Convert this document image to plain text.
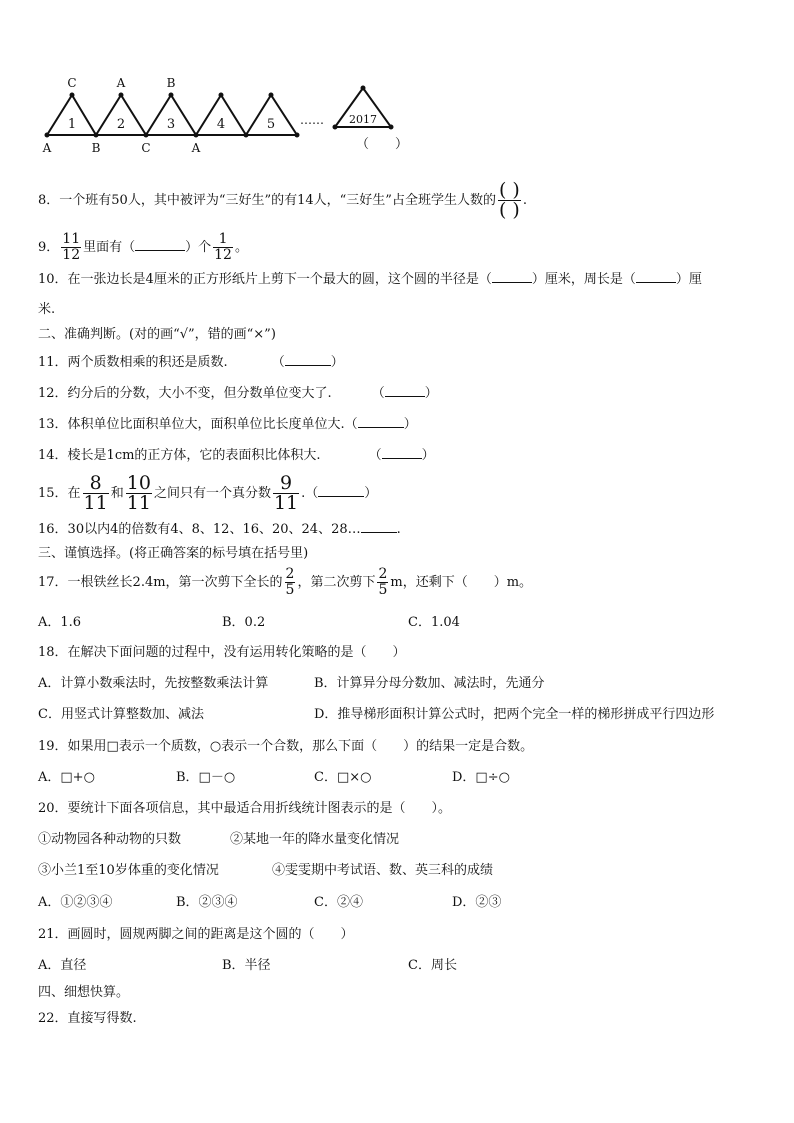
C	A	B
A	B	C	A
1	2	3	4	5 …… 2017
（　　）
8．一个班有50人，其中被评为“三好生”的有14人，“三好生”占全班学生人数的 $\frac{( )}{( )}$ .
9． $\frac{11}{12}$ 里面有（	）个 $\frac{1}{12}$ 。
10．在一张边长是4厘米的正方形纸片上剪下一个最大的圆，这个圆的半径是（	）厘米，周长是（	）厘
米.
二、准确判断。(对的画“√”，错的画“×”)
11．两个质数相乘的积还是质数.	（	）
12．约分后的分数，大小不变，但分数单位变大了.	（	）
13．体积单位比面积单位大，面积单位比长度单位大.（	）
14．棱长是1cm的正方体，它的表面积比体积大.	（	）
15．在 $\frac{8}{11}$ 和 $\frac{10}{11}$ 之间只有一个真分数 $\frac{9}{11}$ .（	）
16．30以内4的倍数有4、8、12、16、20、24、28…	.
三、谨慎选择。(将正确答案的标号填在括号里)
17．一根铁丝长2.4m，第一次剪下全长的 $\frac{2}{5}$ ，第二次剪下 $\frac{2}{5}$ m，还剩下（　　）m。
A．1.6	B．0.2	C．1.04
18．在解决下面问题的过程中，没有运用转化策略的是（　　）
A．计算小数乘法时，先按整数乘法计算	B．计算异分母分数加、减法时，先通分
C．用竖式计算整数加、减法	D．推导梯形面积计算公式时，把两个完全一样的梯形拼成平行四边形
19．如果用□表示一个质数，○表示一个合数，那么下面（　　）的结果一定是合数。
A．□+○	B．□－○	C．□×○	D．□÷○
20．要统计下面各项信息，其中最适合用折线统计图表示的是（　　）。
①动物园各种动物的只数	②某地一年的降水量变化情况
③小兰1至10岁体重的变化情况	④雯雯期中考试语、数、英三科的成绩
A．①②③④	B．②③④	C．②④	D．②③
21．画圆时，圆规两脚之间的距离是这个圆的（　　）
A．直径	B．半径	C．周长
四、细想快算。
22．直接写得数.
